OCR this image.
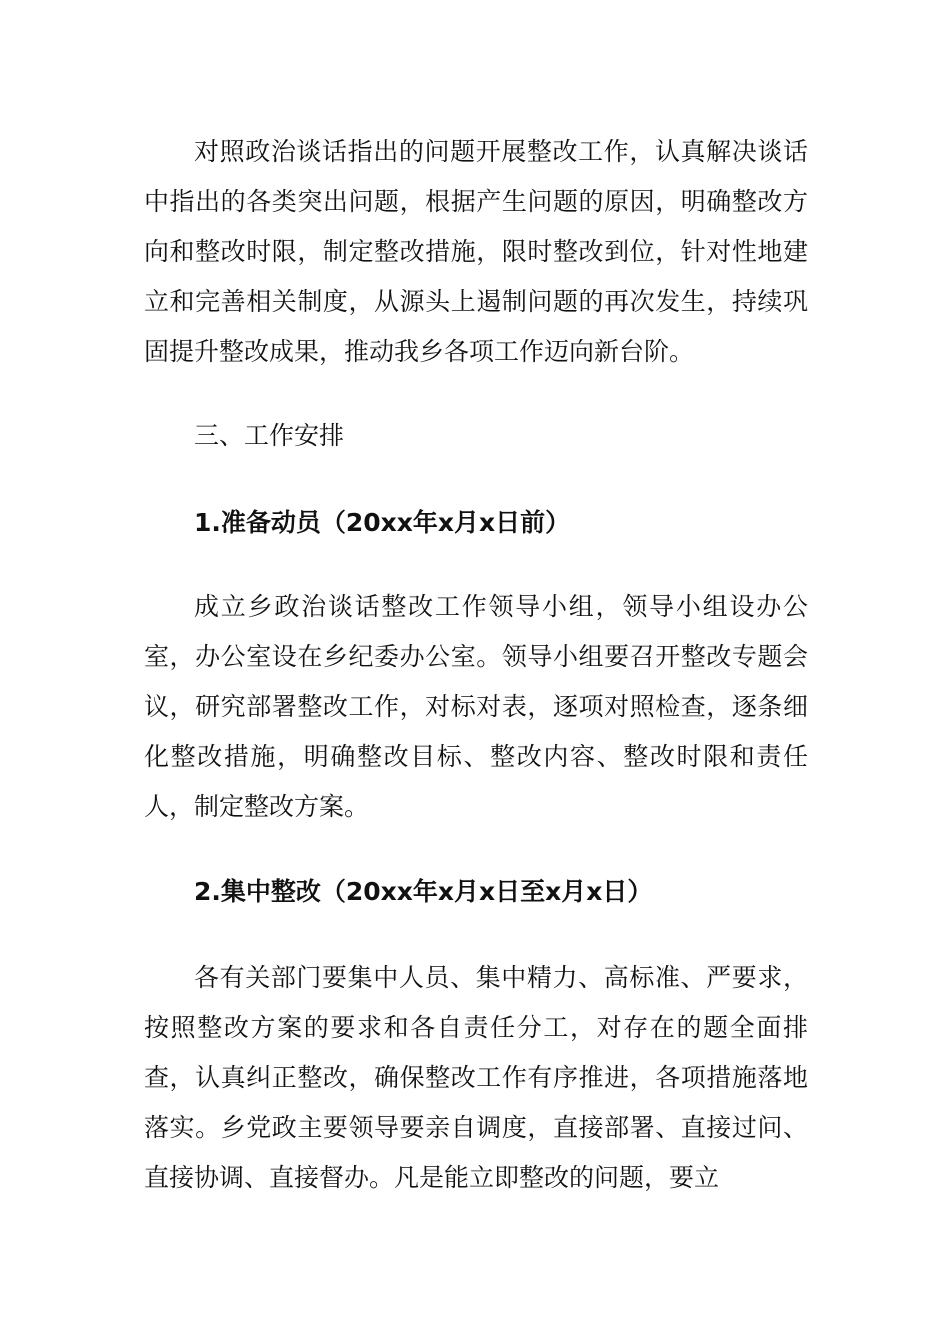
对照政治谈话指出的问题开展整改工作，认真解决谈话中指出的各类突出问题，根据产生问题的原因，明确整改方向和整改时限，制定整改措施，限时整改到位，针对性地建立和完善相关制度，从源头上遏制问题的再次发生，持续巩固提升整改成果，推动我乡各项工作迈向新台阶。

三、工作安排

1.准备动员（20xx年x月x日前）

成立乡政治谈话整改工作领导小组，领导小组设办公室，办公室设在乡纪委办公室。领导小组要召开整改专题会议，研究部署整改工作，对标对表，逐项对照检查，逐条细化整改措施，明确整改目标、整改内容、整改时限和责任人，制定整改方案。

2.集中整改（20xx年x月x日至x月x日）

各有关部门要集中人员、集中精力、高标准、严要求，按照整改方案的要求和各自责任分工，对存在的题全面排查，认真纠正整改，确保整改工作有序推进，各项措施落地落实。乡党政主要领导要亲自调度，直接部署、直接过问、直接协调、直接督办。凡是能立即整改的问题，要立
